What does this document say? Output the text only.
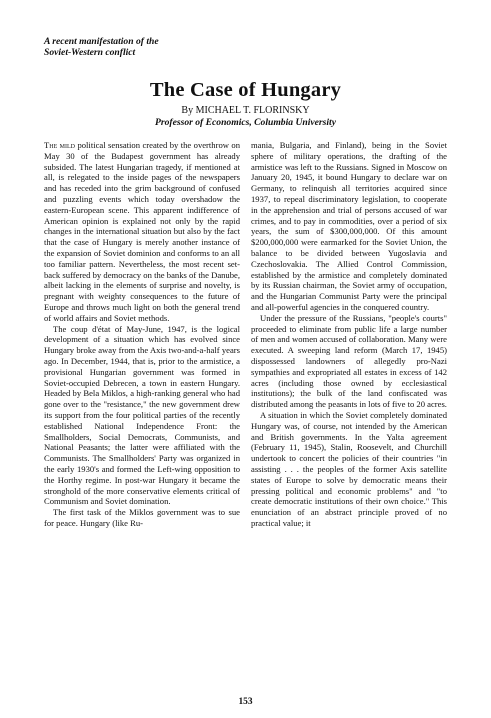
A recent manifestation of the

Soviet-Western conflict

The Case of Hungary

By MICHAEL T. FLORINSKY

Professor of Economics, Columbia University

The mild political sensation created by the overthrow on May 30 of the Budapest government has already subsided. The latest Hungarian tragedy, if mentioned at all, is relegated to the inside pages of the newspapers and has receded into the grim background of confused and puzzling events which today overshadow the eastern-European scene. This apparent indifference of American opinion is explained not only by the rapid changes in the international situation but also by the fact that the case of Hungary is merely another instance of the expansion of Soviet dominion and conforms to an all too familiar pattern. Nevertheless, the most recent set-back suffered by democracy on the banks of the Danube, albeit lacking in the elements of surprise and novelty, is pregnant with weighty consequences to the future of Europe and throws much light on both the general trend of world affairs and Soviet methods.

The coup d'état of May-June, 1947, is the logical development of a situation which has evolved since Hungary broke away from the Axis two-and-a-half years ago. In December, 1944, that is, prior to the armistice, a provisional Hungarian government was formed in Soviet-occupied Debrecen, a town in eastern Hungary. Headed by Bela Miklos, a high-ranking general who had gone over to the "resistance," the new government drew its support from the four political parties of the recently established National Independence Front: the Smallholders, Social Democrats, Communists, and National Peasants; the latter were affiliated with the Communists. The Smallholders' Party was organized in the early 1930's and formed the Left-wing opposition to the Horthy regime. In post-war Hungary it became the stronghold of the more conservative elements critical of Communism and Soviet domination.

The first task of the Miklos government was to sue for peace. Hungary (like Ru-

mania, Bulgaria, and Finland), being in the Soviet sphere of military operations, the drafting of the armistice was left to the Russians. Signed in Moscow on January 20, 1945, it bound Hungary to declare war on Germany, to relinquish all territories acquired since 1937, to repeal discriminatory legislation, to cooperate in the apprehension and trial of persons accused of war crimes, and to pay in commodities, over a period of six years, the sum of $300,000,000. Of this amount $200,000,000 were earmarked for the Soviet Union, the balance to be divided between Yugoslavia and Czechoslovakia. The Allied Control Commission, established by the armistice and completely dominated by its Russian chairman, the Soviet army of occupation, and the Hungarian Communist Party were the principal and all-powerful agencies in the conquered country.

Under the pressure of the Russians, "people's courts" proceeded to eliminate from public life a large number of men and women accused of collaboration. Many were executed. A sweeping land reform (March 17, 1945) dispossessed landowners of allegedly pro-Nazi sympathies and expropriated all estates in excess of 142 acres (including those owned by ecclesiastical institutions); the bulk of the land confiscated was distributed among the peasants in lots of five to 20 acres.

A situation in which the Soviet completely dominated Hungary was, of course, not intended by the American and British governments. In the Yalta agreement (February 11, 1945), Stalin, Roosevelt, and Churchill undertook to concert the policies of their countries "in assisting . . . the peoples of the former Axis satellite states of Europe to solve by democratic means their pressing political and economic problems" and "to create democratic institutions of their own choice." This enunciation of an abstract principle proved of no practical value; it

153
